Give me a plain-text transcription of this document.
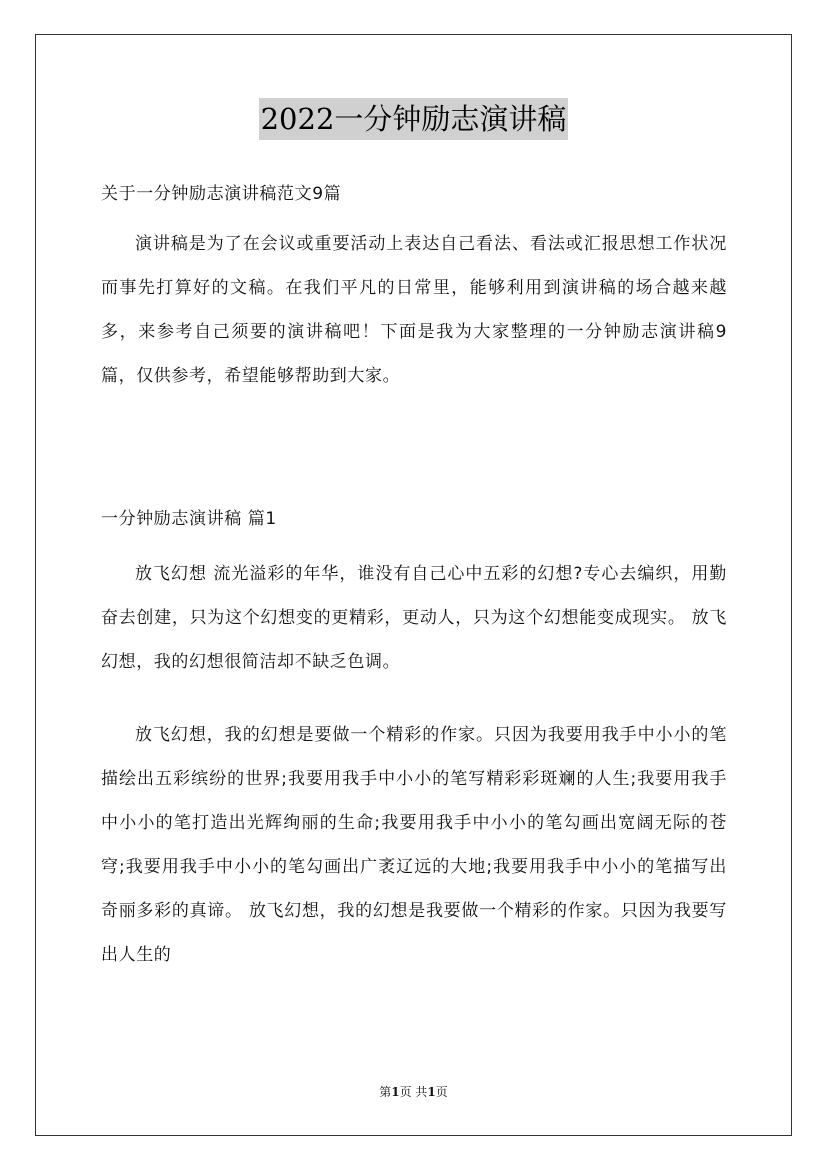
2022一分钟励志演讲稿
关于一分钟励志演讲稿范文9篇

演讲稿是为了在会议或重要活动上表达自己看法、看法或汇报思想工作状况而事先打算好的文稿。在我们平凡的日常里，能够利用到演讲稿的场合越来越多，来参考自己须要的演讲稿吧！下面是我为大家整理的一分钟励志演讲稿9篇，仅供参考，希望能够帮助到大家。

一分钟励志演讲稿 篇1

放飞幻想 流光溢彩的年华，谁没有自己心中五彩的幻想?专心去编织，用勤奋去创建，只为这个幻想变的更精彩，更动人，只为这个幻想能变成现实。 放飞幻想，我的幻想很简洁却不缺乏色调。

放飞幻想，我的幻想是要做一个精彩的作家。只因为我要用我手中小小的笔描绘出五彩缤纷的世界;我要用我手中小小的笔写精彩彩斑斓的人生;我要用我手中小小的笔打造出光辉绚丽的生命;我要用我手中小小的笔勾画出宽阔无际的苍穹;我要用我手中小小的笔勾画出广袤辽远的大地;我要用我手中小小的笔描写出奇丽多彩的真谛。 放飞幻想，我的幻想是我要做一个精彩的作家。只因为我要写出人生的

第1页 共1页
